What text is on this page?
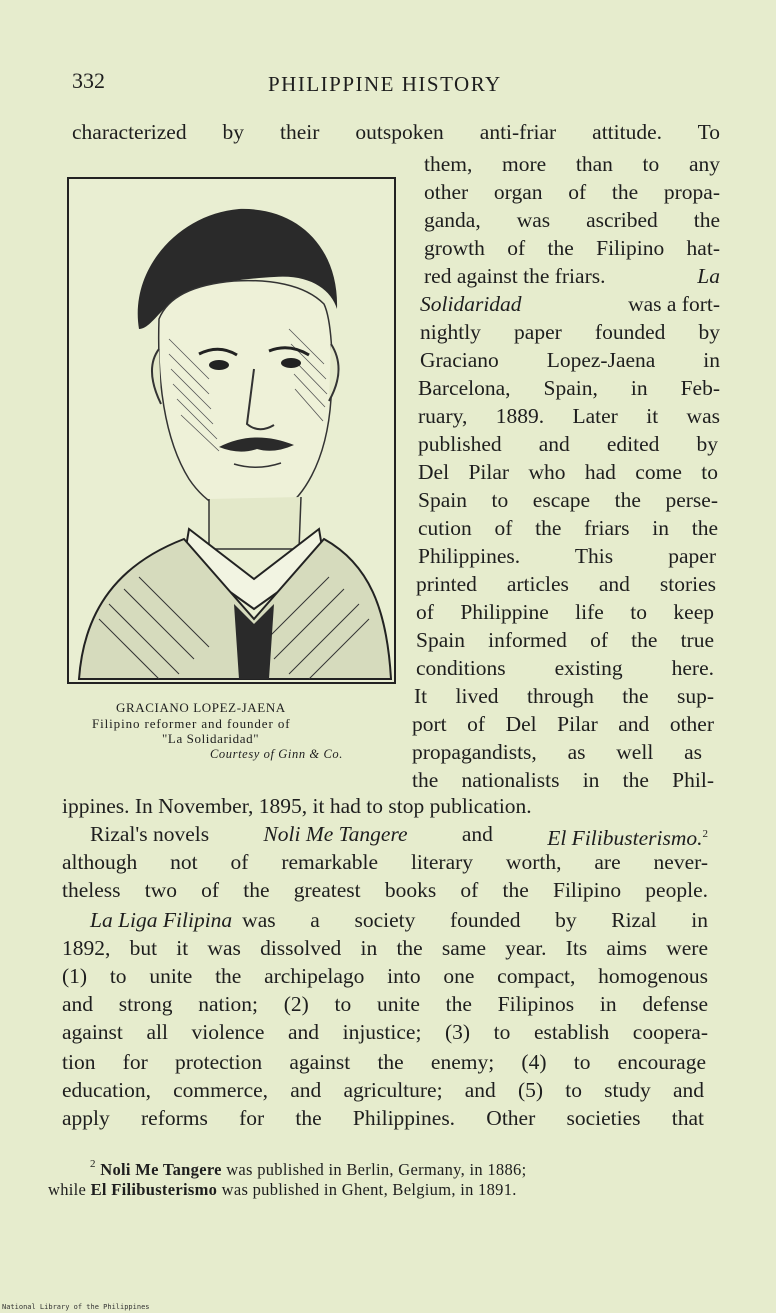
332	PHILIPPINE HISTORY
characterized by their outspoken anti-friar attitude. To
them, more than to any
other organ of the propa-
ganda, was ascribed the
growth of the Filipino hat-
red against the friars.	La
Solidaridad	was a fort-
nightly paper founded by
Graciano Lopez-Jaena in
Barcelona, Spain, in Feb-
ruary, 1889. Later it was
published and edited by
Del Pilar who had come to
Spain to escape the perse-
cution of the friars in the
Philippines. This paper
printed articles and stories
of Philippine life to keep
Spain informed of the true
conditions existing here.
It lived through the sup-
port of Del Pilar and other
propagandists, as well as
the nationalists in the Phil-
GRACIANO LOPEZ-JAENA
Filipino reformer and founder of
"La Solidaridad"
Courtesy of Ginn & Co.
ippines. In November, 1895, it had to stop publication.
Rizal's novels	Noli Me Tangere	and	El Filibusterismo.$^2$
although not of remarkable literary worth, are never-
theless two of the greatest books of the Filipino people.
La Liga Filipina was a society founded by Rizal in
1892, but it was dissolved in the same year. Its aims were
(1) to unite the archipelago into one compact, homogenous
and strong nation; (2) to unite the Filipinos in defense
against all violence and injustice; (3) to establish coopera-
tion for protection against the enemy; (4) to encourage
education, commerce, and agriculture; and (5) to study and
apply reforms for the Philippines. Other societies that
$^2$ Noli Me Tangere was published in Berlin, Germany, in 1886;
while El Filibusterismo was published in Ghent, Belgium, in 1891.
National Library of the Philippines
